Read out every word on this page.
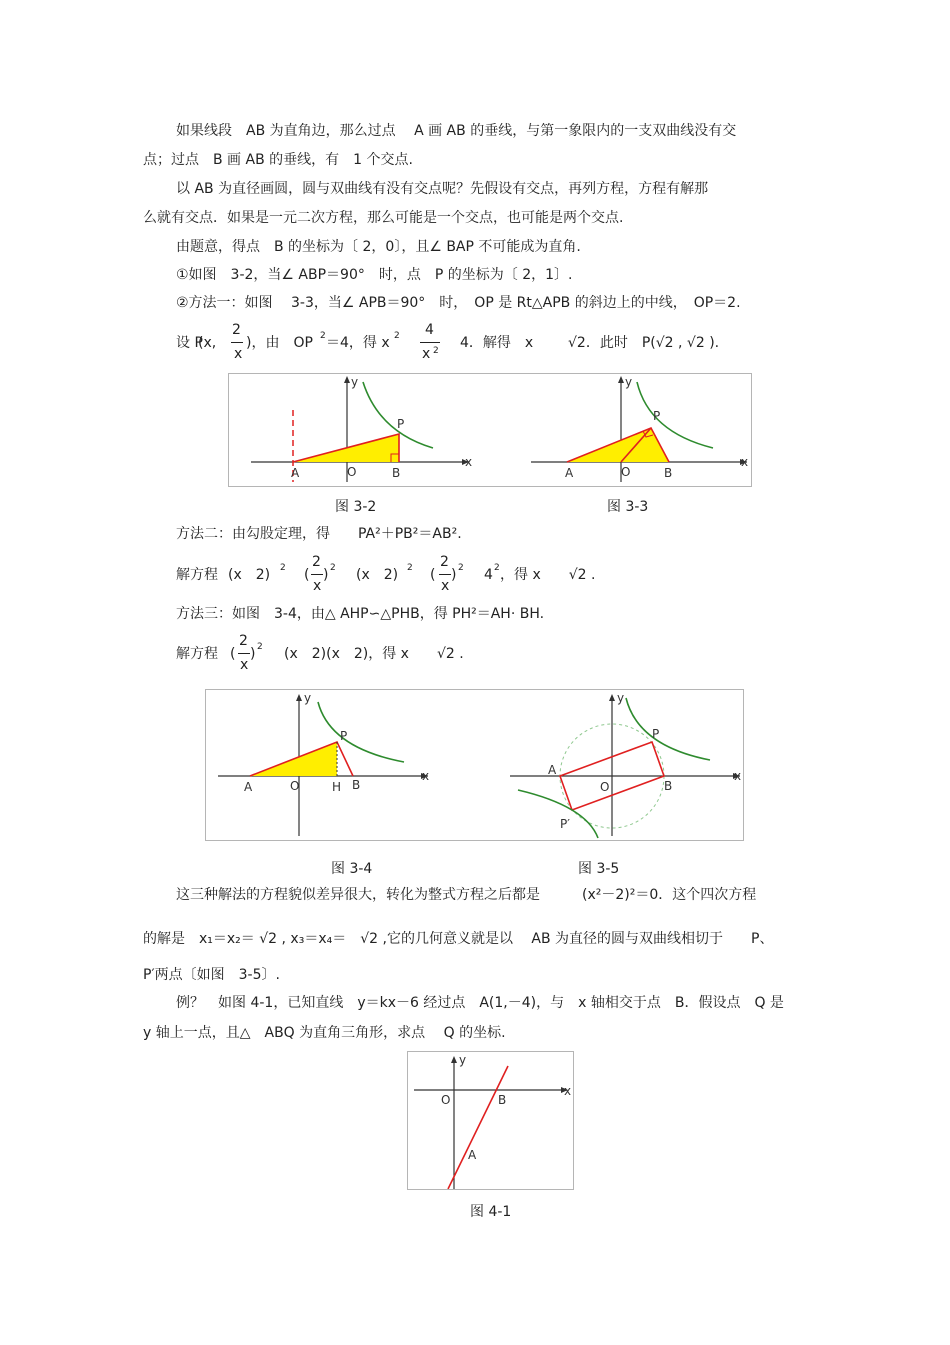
如果线段　AB 为直角边，那么过点　 A 画 AB 的垂线，与第一象限内的一支双曲线没有交
点；过点　B 画 AB 的垂线，有　1 个交点.
以 AB 为直径画圆，圆与双曲线有没有交点呢？先假设有交点，再列方程，方程有解那
么就有交点．如果是一元二次方程，那么可能是一个交点，也可能是两个交点.
由题意，得点　B 的坐标为〔 2，0〕，且∠ BAP 不可能成为直角.
①如图　3-2，当∠ ABP＝90°　时，点　P 的坐标为〔 2，1〕.
②方法一：如图　 3-3，当∠ APB＝90°　时，　OP 是 Rt△APB 的斜边上的中线，　OP＝2.
设 P
(x,
2
x
)，由　OP 2 ＝4，得 x 2 4
x 2 4．解得　x √2．此时　P(√2 , √2 ).
A	O	B
P
x
y
A	O	B
P
x
y
图 3-2	图 3-3
方法二：由勾股定理，得　　PA²＋PB²＝AB².
解方程 (x　2) 2 (
2
x
) 2 (x　2) 2 (
2
x
) 2 4 2 ，得 x　　√2 .
方法三：如图　3-4，由△ AHP∽△PHB，得 PH²＝AH· BH.
解方程 (
2
x
) 2 (x　2)(x　2)，得 x　　√2 .
A	O	H B
P
x
y
A
O	B
P
P′
x
y
图 3-4	图 3-5
这三种解法的方程貌似差异很大，转化为整式方程之后都是　　　(x²－2)²＝0．这个四次方程
的解是　x₁＝x₂＝ √2 , x₃＝x₄＝　√2 ,它的几何意义就是以　 AB 为直径的圆与双曲线相切于　　P、
P′两点〔如图　3-5〕.
例？　如图 4-1，已知直线　y＝kx－6 经过点　A(1,－4)，与　x 轴相交于点　B．假设点　Q 是
y 轴上一点，且△　ABQ 为直角三角形，求点　 Q 的坐标.
O	B
A
x
y
图 4-1
